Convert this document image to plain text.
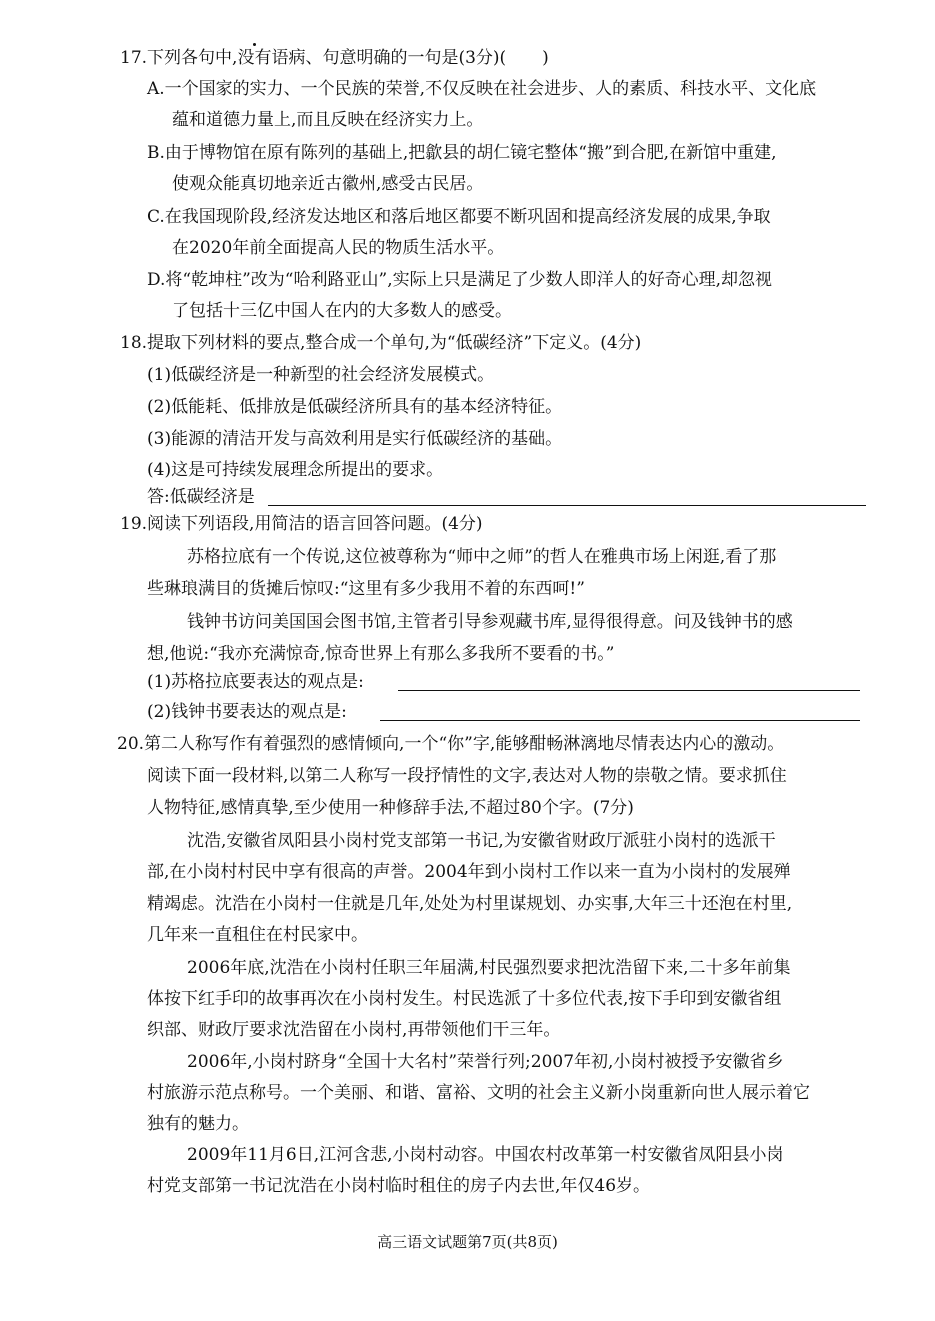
17.下列各句中,没有语病、句意明确的一句是(3分)( )
A.一个国家的实力、一个民族的荣誉,不仅反映在社会进步、人的素质、科技水平、文化底
蕴和道德力量上,而且反映在经济实力上。
B.由于博物馆在原有陈列的基础上,把歙县的胡仁镜宅整体“搬”到合肥,在新馆中重建,
使观众能真切地亲近古徽州,感受古民居。
C.在我国现阶段,经济发达地区和落后地区都要不断巩固和提高经济发展的成果,争取
在2020年前全面提高人民的物质生活水平。
D.将“乾坤柱”改为“哈利路亚山”,实际上只是满足了少数人即洋人的好奇心理,却忽视
了包括十三亿中国人在内的大多数人的感受。
18.提取下列材料的要点,整合成一个单句,为“低碳经济”下定义。(4分)
(1)低碳经济是一种新型的社会经济发展模式。
(2)低能耗、低排放是低碳经济所具有的基本经济特征。
(3)能源的清洁开发与高效利用是实行低碳经济的基础。
(4)这是可持续发展理念所提出的要求。
答:低碳经济是
19.阅读下列语段,用简洁的语言回答问题。(4分)
苏格拉底有一个传说,这位被尊称为“师中之师”的哲人在雅典市场上闲逛,看了那
些琳琅满目的货摊后惊叹:“这里有多少我用不着的东西呵!”
钱钟书访问美国国会图书馆,主管者引导参观藏书库,显得很得意。问及钱钟书的感
想,他说:“我亦充满惊奇,惊奇世界上有那么多我所不要看的书。”
(1)苏格拉底要表达的观点是:
(2)钱钟书要表达的观点是:
20.第二人称写作有着强烈的感情倾向,一个“你”字,能够酣畅淋漓地尽情表达内心的激动。
阅读下面一段材料,以第二人称写一段抒情性的文字,表达对人物的崇敬之情。要求抓住
人物特征,感情真挚,至少使用一种修辞手法,不超过80个字。(7分)
沈浩,安徽省凤阳县小岗村党支部第一书记,为安徽省财政厅派驻小岗村的选派干
部,在小岗村村民中享有很高的声誉。2004年到小岗村工作以来一直为小岗村的发展殚
精竭虑。沈浩在小岗村一住就是几年,处处为村里谋规划、办实事,大年三十还泡在村里,
几年来一直租住在村民家中。
2006年底,沈浩在小岗村任职三年届满,村民强烈要求把沈浩留下来,二十多年前集
体按下红手印的故事再次在小岗村发生。村民选派了十多位代表,按下手印到安徽省组
织部、财政厅要求沈浩留在小岗村,再带领他们干三年。
2006年,小岗村跻身“全国十大名村”荣誉行列;2007年初,小岗村被授予安徽省乡
村旅游示范点称号。一个美丽、和谐、富裕、文明的社会主义新小岗重新向世人展示着它
独有的魅力。
2009年11月6日,江河含悲,小岗村动容。中国农村改革第一村安徽省凤阳县小岗
村党支部第一书记沈浩在小岗村临时租住的房子内去世,年仅46岁。
高三语文试题第7页(共8页)
